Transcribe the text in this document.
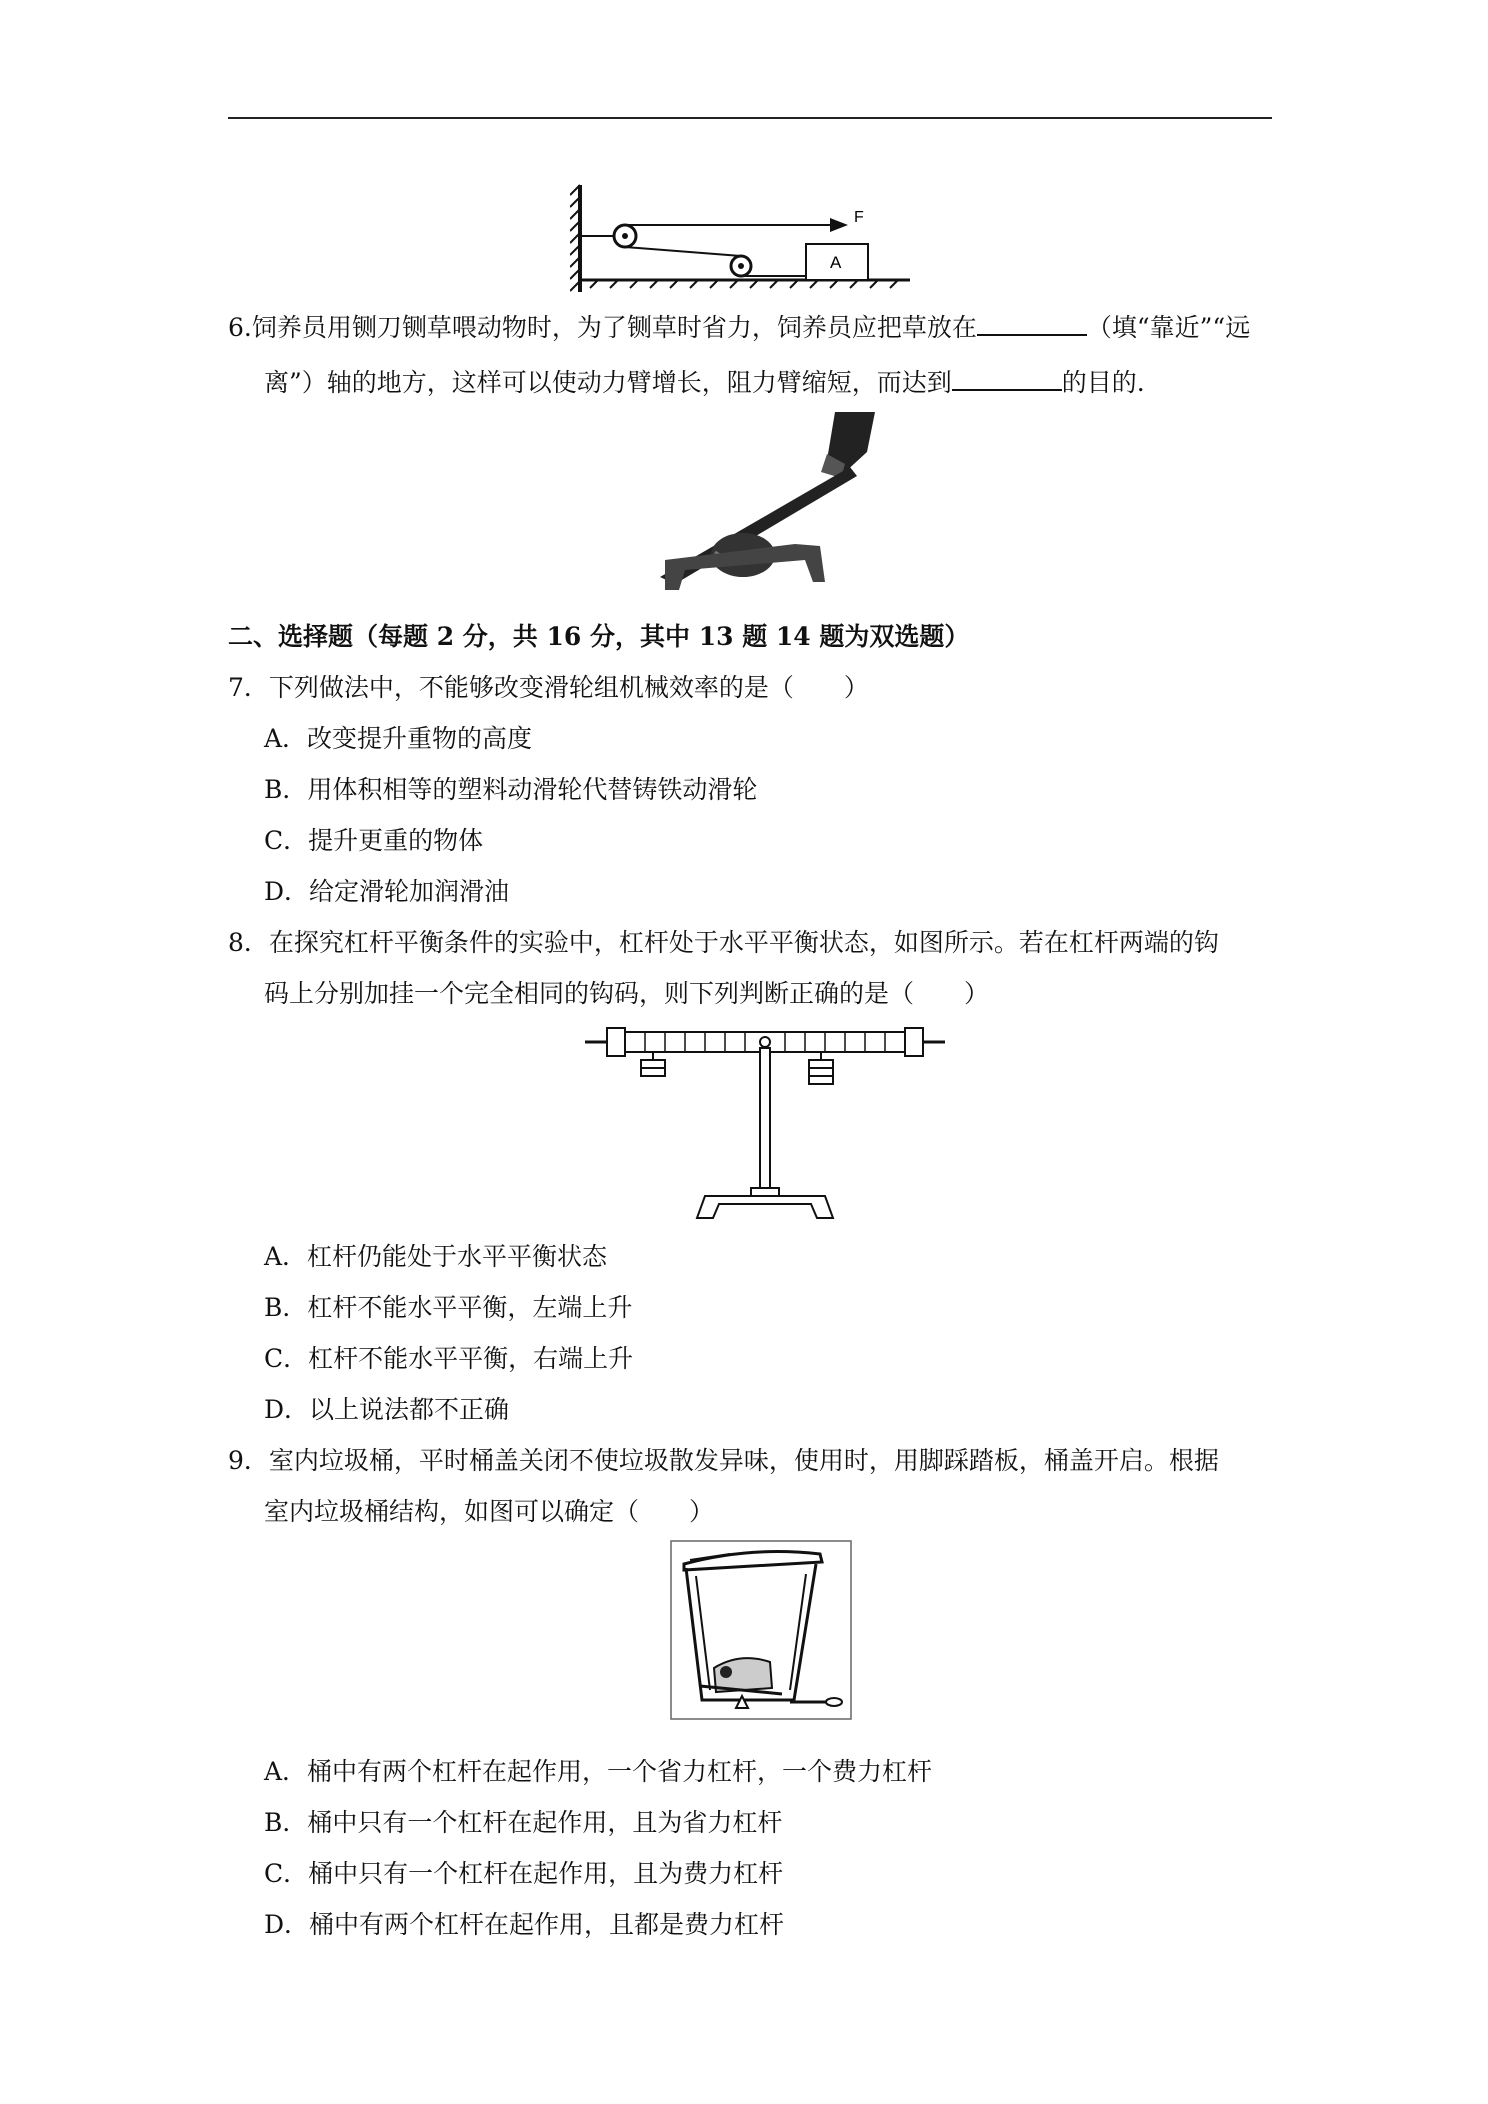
F
A
6.饲养员用铡刀铡草喂动物时，为了铡草时省力，饲养员应把草放在	（填“靠近”“远
离”）轴的地方，这样可以使动力臂增长，阻力臂缩短，而达到	的目的.
二、选择题（每题 2 分，共 16 分，其中 13 题 14 题为双选题）
7．下列做法中，不能够改变滑轮组机械效率的是（　　）
A．改变提升重物的高度
B．用体积相等的塑料动滑轮代替铸铁动滑轮
C．提升更重的物体
D．给定滑轮加润滑油
8．在探究杠杆平衡条件的实验中，杠杆处于水平平衡状态，如图所示。若在杠杆两端的钩
码上分别加挂一个完全相同的钩码，则下列判断正确的是（　　）
A．杠杆仍能处于水平平衡状态
B．杠杆不能水平平衡，左端上升
C．杠杆不能水平平衡，右端上升
D．以上说法都不正确
9．室内垃圾桶，平时桶盖关闭不使垃圾散发异味，使用时，用脚踩踏板，桶盖开启。根据
室内垃圾桶结构，如图可以确定（　　）
A．桶中有两个杠杆在起作用，一个省力杠杆，一个费力杠杆
B．桶中只有一个杠杆在起作用，且为省力杠杆
C．桶中只有一个杠杆在起作用，且为费力杠杆
D．桶中有两个杠杆在起作用，且都是费力杠杆
